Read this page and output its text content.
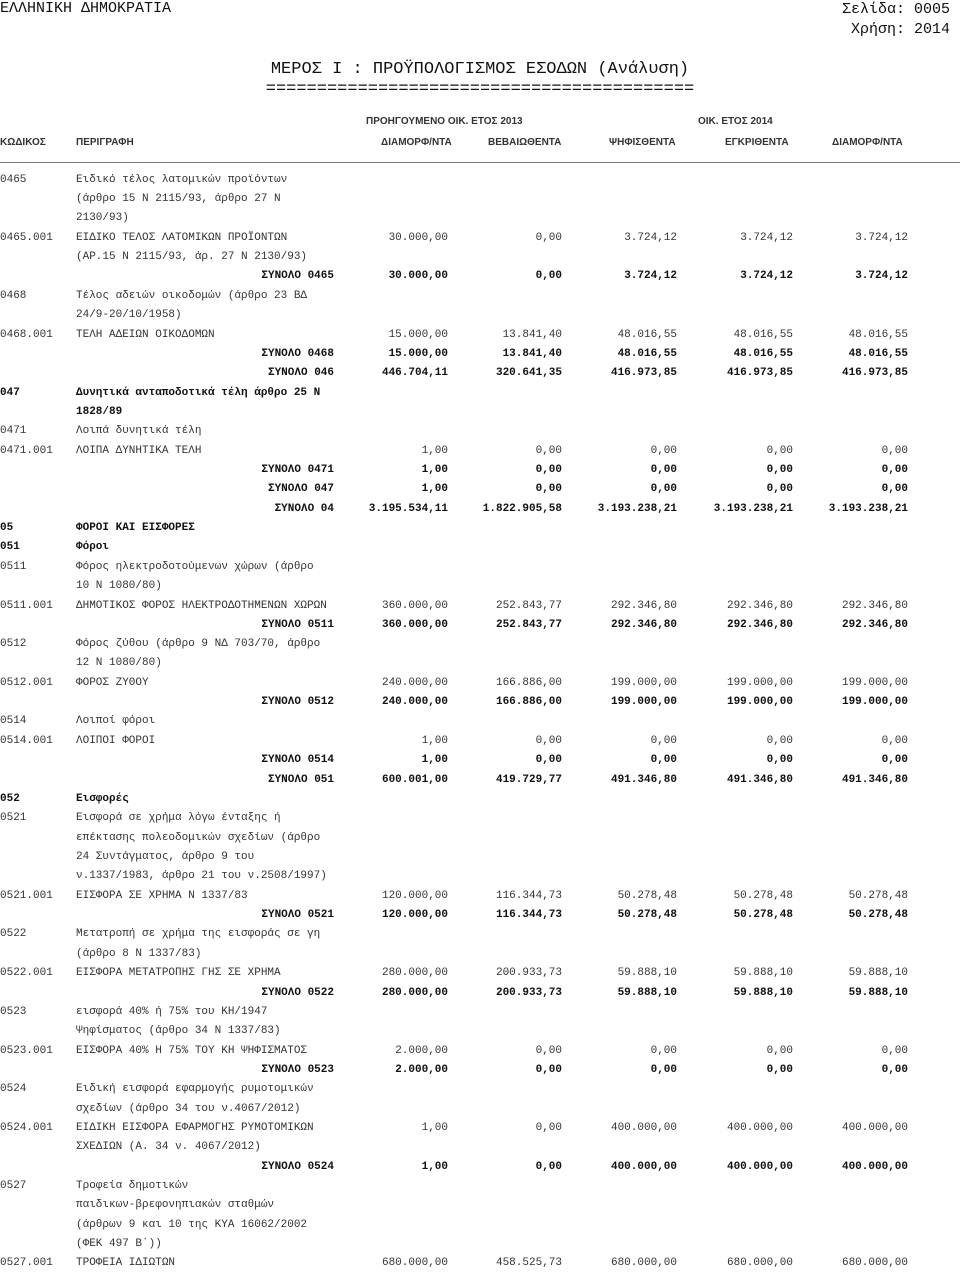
ΕΛΛΗΝΙΚΗ ΔΗΜΟΚΡΑΤΙΑ	Σελίδα: 0005
Χρήση: 2014
ΜΕΡΟΣ Ι : ΠΡΟΫΠΟΛΟΓΙΣΜΟΣ ΕΣΟΔΩΝ (Ανάλυση)
==========================================
ΠΡΟΗΓΟΥΜΕΝΟ ΟΙΚ. ΕΤΟΣ 2013	ΟΙΚ. ΕΤΟΣ 2014
ΚΩΔΙΚΟΣ	ΠΕΡΙΓΡΑΦΗ	ΔΙΑΜΟΡΦ/ΝΤΑ	ΒΕΒΑΙΩΘΕΝΤΑ	ΨΗΦΙΣΘΕΝΤΑ	ΕΓΚΡΙΘΕΝΤΑ	ΔΙΑΜΟΡΦ/ΝΤΑ
0465	Ειδικό τέλος λατομικών προϊόντων
(άρθρο 15 Ν 2115/93, άρθρο 27 Ν
2130/93)
0465.001 ΕΙΔΙΚΟ ΤΕΛΟΣ ΛΑΤΟΜΙΚΩΝ ΠΡΟΪΟΝΤΩΝ	30.000,00	0,00	3.724,12	3.724,12	3.724,12
(ΑΡ.15 Ν 2115/93, άρ. 27 Ν 2130/93)
ΣΥΝΟΛΟ 0465	30.000,00	0,00	3.724,12	3.724,12	3.724,12
0468	Τέλος αδειών οικοδομών (άρθρο 23 ΒΔ
24/9-20/10/1958)
0468.001 ΤΕΛΗ ΑΔΕΙΩΝ ΟΙΚΟΔΟΜΩΝ	15.000,00	13.841,40	48.016,55	48.016,55	48.016,55
ΣΥΝΟΛΟ 0468	15.000,00	13.841,40	48.016,55	48.016,55	48.016,55
ΣΥΝΟΛΟ 046	446.704,11	320.641,35	416.973,85	416.973,85	416.973,85
047	Δυνητικά ανταποδοτικά τέλη άρθρο 25 Ν
1828/89
0471	Λοιπά δυνητικά τέλη
0471.001 ΛΟΙΠΑ ΔΥΝΗΤΙΚΑ ΤΕΛΗ	1,00	0,00	0,00	0,00	0,00
ΣΥΝΟΛΟ 0471	1,00	0,00	0,00	0,00	0,00
ΣΥΝΟΛΟ 047	1,00	0,00	0,00	0,00	0,00
ΣΥΝΟΛΟ 04	3.195.534,11	1.822.905,58	3.193.238,21	3.193.238,21	3.193.238,21
05	ΦΟΡΟΙ ΚΑΙ ΕΙΣΦΟΡΕΣ
051	Φόροι
0511	Φόρος ηλεκτροδοτούμενων χώρων (άρθρο
10 Ν 1080/80)
0511.001 ΔΗΜΟΤΙΚΟΣ ΦΟΡΟΣ ΗΛΕΚΤΡΟΔΟΤΗΜΕΝΩΝ ΧΩΡΩΝ	360.000,00	252.843,77	292.346,80	292.346,80	292.346,80
ΣΥΝΟΛΟ 0511	360.000,00	252.843,77	292.346,80	292.346,80	292.346,80
0512	Φόρος ζύθου (άρθρο 9 ΝΔ 703/70, άρθρο
12 Ν 1080/80)
0512.001 ΦΟΡΟΣ ΖΥΘΟΥ	240.000,00	166.886,00	199.000,00	199.000,00	199.000,00
ΣΥΝΟΛΟ 0512	240.000,00	166.886,00	199.000,00	199.000,00	199.000,00
0514	Λοιποί φόροι
0514.001 ΛΟΙΠΟΙ ΦΟΡΟΙ	1,00	0,00	0,00	0,00	0,00
ΣΥΝΟΛΟ 0514	1,00	0,00	0,00	0,00	0,00
ΣΥΝΟΛΟ 051	600.001,00	419.729,77	491.346,80	491.346,80	491.346,80
052	Εισφορές
0521	Εισφορά σε χρήμα λόγω ένταξης ή
επέκτασης πολεοδομικών σχεδίων (άρθρο
24 Συντάγματος, άρθρο 9 του
ν.1337/1983, άρθρο 21 του ν.2508/1997)
0521.001 ΕΙΣΦΟΡΑ ΣΕ ΧΡΗΜΑ Ν 1337/83	120.000,00	116.344,73	50.278,48	50.278,48	50.278,48
ΣΥΝΟΛΟ 0521	120.000,00	116.344,73	50.278,48	50.278,48	50.278,48
0522	Μετατροπή σε χρήμα της εισφοράς σε γη
(άρθρο 8 Ν 1337/83)
0522.001 ΕΙΣΦΟΡΑ ΜΕΤΑΤΡΟΠΗΣ ΓΗΣ ΣΕ ΧΡΗΜΑ	280.000,00	200.933,73	59.888,10	59.888,10	59.888,10
ΣΥΝΟΛΟ 0522	280.000,00	200.933,73	59.888,10	59.888,10	59.888,10
0523	εισφορά 40% ή 75% του ΚΗ/1947
Ψηφίσματος (άρθρο 34 Ν 1337/83)
0523.001 ΕΙΣΦΟΡΑ 40% Η 75% ΤΟΥ ΚΗ ΨΗΦΙΣΜΑΤΟΣ	2.000,00	0,00	0,00	0,00	0,00
ΣΥΝΟΛΟ 0523	2.000,00	0,00	0,00	0,00	0,00
0524	Ειδική εισφορά εφαρμογής ρυμοτομικών
σχεδίων (άρθρο 34 του ν.4067/2012)
0524.001 ΕΙΔΙΚΗ ΕΙΣΦΟΡΑ ΕΦΑΡΜΟΓΗΣ ΡΥΜΟΤΟΜΙΚΩΝ	1,00	0,00	400.000,00	400.000,00	400.000,00
ΣΧΕΔΙΩΝ (Α. 34 ν. 4067/2012)
ΣΥΝΟΛΟ 0524	1,00	0,00	400.000,00	400.000,00	400.000,00
0527	Τροφεία δημοτικών
παιδικων-βρεφονηπιακών σταθμών
(άρθρων 9 και 10 της ΚΥΑ 16062/2002
(ΦΕΚ 497 Β΄))
0527.001 ΤΡΟΦΕΙΑ ΙΔΙΩΤΩΝ	680.000,00	458.525,73	680.000,00	680.000,00	680.000,00
